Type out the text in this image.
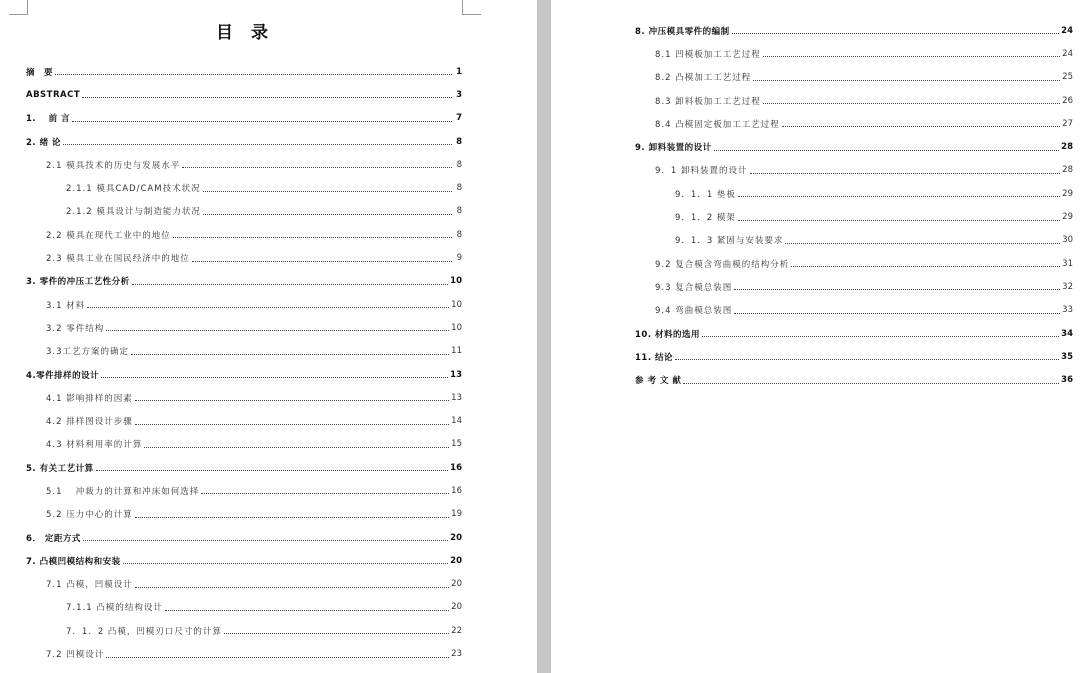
目 录
摘　要	1
ABSTRACT	3
1.　 前 言	7
2. 绪 论	8
2.1 模具技术的历史与发展水平	8
2.1.1 模具CAD/CAM技术状况	8
2.1.2 模具设计与制造能力状况	8
2.2 模具在现代工业中的地位	8
2.3 模具工业在国民经济中的地位	9
3. 零件的冲压工艺性分析	10
3.1 材料	10
3.2 零件结构	10
3.3工艺方案的确定	11
4.零件排样的设计	13
4.1 影响排样的因素	13
4.2 排样图设计步骤	14
4.3 材料利用率的计算	15
5. 有关工艺计算	16
5.1　 冲裁力的计算和冲床如何选择	16
5.2 压力中心的计算	19
6． 定距方式	20
7. 凸模凹模结构和安装	20
7.1 凸模，凹模设计	20
7.1.1 凸模的结构设计	20
7．1．2 凸模，凹模刃口尺寸的计算	22
7.2 凹模设计	23
8. 冲压模具零件的编制	24
8.1 凹模板加工工艺过程	24
8.2 凸模加工工艺过程	25
8.3 卸料板加工工艺过程	26
8.4 凸模固定板加工工艺过程	27
9. 卸料装置的设计	28
9．1 卸料装置的设计	28
9．1．1 垫板	29
9．1．2 模架	29
9．1．3 紧固与安装要求	30
9.2 复合模含弯曲模的结构分析	31
9.3 复合模总装图	32
9.4 弯曲模总装图	33
10. 材料的选用	34
11. 结论	35
参 考 文 献	36
